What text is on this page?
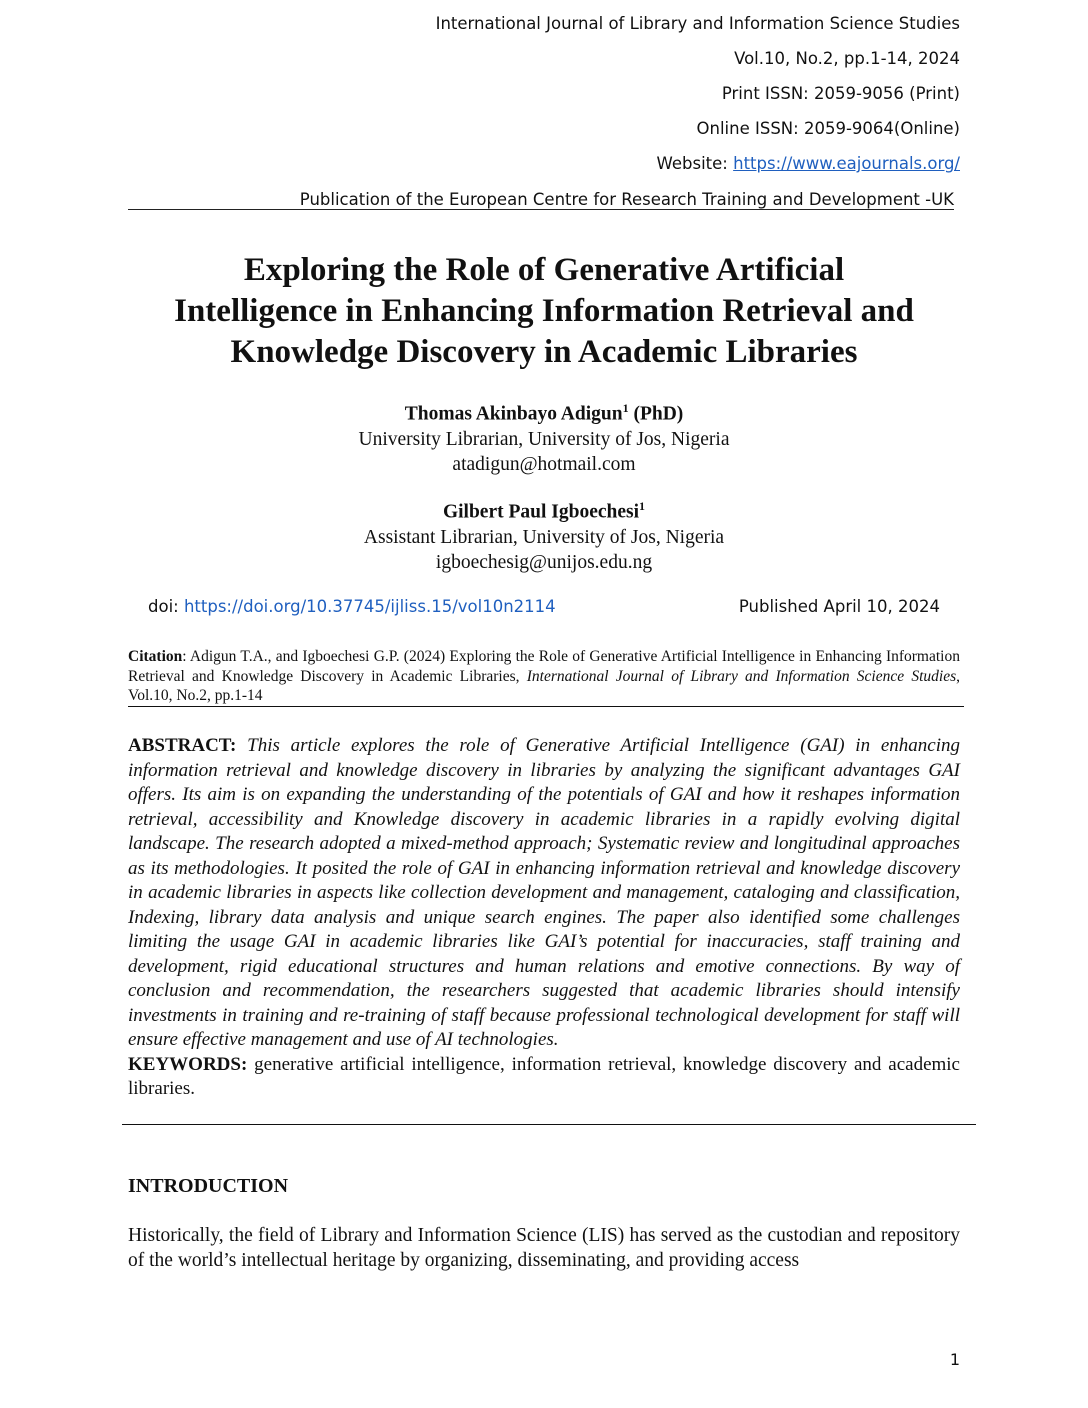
International Journal of Library and Information Science Studies
Vol.10, No.2, pp.1-14, 2024
Print ISSN: 2059-9056 (Print)
Online ISSN: 2059-9064(Online)
Website: https://www.eajournals.org/
Publication of the European Centre for Research Training and Development -UK
Exploring the Role of Generative Artificial
Intelligence in Enhancing Information Retrieval and
Knowledge Discovery in Academic Libraries
Thomas Akinbayo Adigun$^1$ (PhD)
University Librarian, University of Jos, Nigeria
atadigun@hotmail.com
Gilbert Paul Igboechesi$^1$
Assistant Librarian, University of Jos, Nigeria
igboechesig@unijos.edu.ng
doi: https://doi.org/10.37745/ijliss.15/vol10n2114	Published April 10, 2024
Citation: Adigun T.A., and Igboechesi G.P. (2024) Exploring the Role of Generative Artificial Intelligence in Enhancing Information Retrieval and Knowledge Discovery in Academic Libraries, International Journal of Library and Information Science Studies, Vol.10, No.2, pp.1-14
ABSTRACT: This article explores the role of Generative Artificial Intelligence (GAI) in enhancing information retrieval and knowledge discovery in libraries by analyzing the significant advantages GAI offers. Its aim is on expanding the understanding of the potentials of GAI and how it reshapes information retrieval, accessibility and Knowledge discovery in academic libraries in a rapidly evolving digital landscape. The research adopted a mixed-method approach; Systematic review and longitudinal approaches as its methodologies. It posited the role of GAI in enhancing information retrieval and knowledge discovery in academic libraries in aspects like collection development and management, cataloging and classification, Indexing, library data analysis and unique search engines. The paper also identified some challenges limiting the usage GAI in academic libraries like GAI’s potential for inaccuracies, staff training and development, rigid educational structures and human relations and emotive connections. By way of conclusion and recommendation, the researchers suggested that academic libraries should intensify investments in training and re-training of staff because professional technological development for staff will ensure effective management and use of AI technologies.
KEYWORDS: generative artificial intelligence, information retrieval, knowledge discovery and academic libraries.
INTRODUCTION
Historically, the field of Library and Information Science (LIS) has served as the custodian and repository of the world’s intellectual heritage by organizing, disseminating, and providing access
1
